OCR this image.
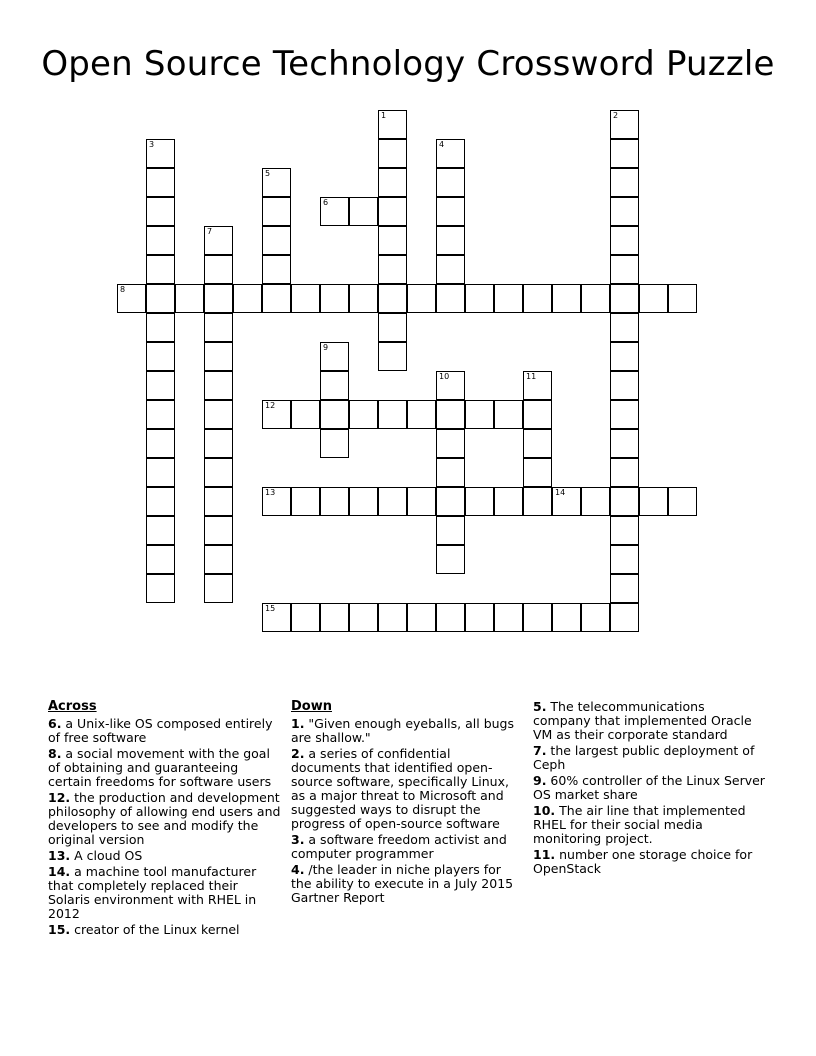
Open Source Technology Crossword Puzzle
1	2
3	4
5
6
7
8
9
10	11
12
13	14
15
Across
6. a Unix-like OS composed entirely of free software
8. a social movement with the goal of obtaining and guaranteeing certain freedoms for software users
12. the production and development philosophy of allowing end users and developers to see and modify the original version
13. A cloud OS
14. a machine tool manufacturer that completely replaced their Solaris environment with RHEL in 2012
15. creator of the Linux kernel
Down
1. "Given enough eyeballs, all bugs are shallow."
2. a series of confidential documents that identified open-source software, specifically Linux, as a major threat to Microsoft and suggested ways to disrupt the progress of open-source software
3. a software freedom activist and computer programmer
4. /the leader in niche players for the ability to execute in a July 2015 Gartner Report
5. The telecommunications company that implemented Oracle VM as their corporate standard
7. the largest public deployment of Ceph
9. 60% controller of the Linux Server OS market share
10. The air line that implemented RHEL for their social media monitoring project.
11. number one storage choice for OpenStack
